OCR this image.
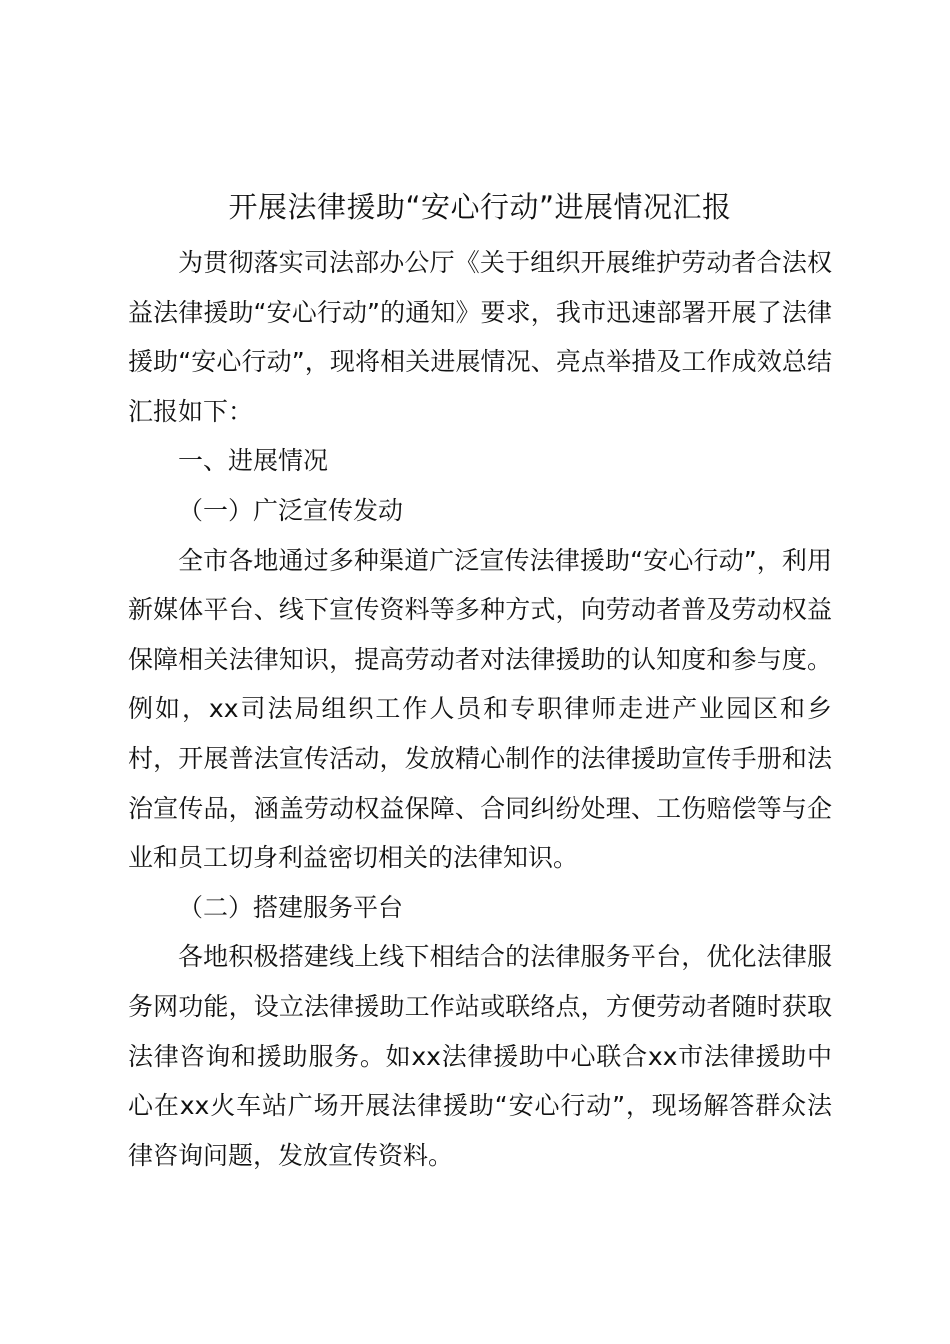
开展法律援助“安心行动”进展情况汇报

为贯彻落实司法部办公厅《关于组织开展维护劳动者合法权益法律援助“安心行动”的通知》要求，我市迅速部署开展了法律援助“安心行动”，现将相关进展情况、亮点举措及工作成效总结汇报如下：

一、进展情况

（一）广泛宣传发动

全市各地通过多种渠道广泛宣传法律援助“安心行动”，利用新媒体平台、线下宣传资料等多种方式，向劳动者普及劳动权益保障相关法律知识，提高劳动者对法律援助的认知度和参与度。例如，xx司法局组织工作人员和专职律师走进产业园区和乡村，开展普法宣传活动，发放精心制作的法律援助宣传手册和法治宣传品，涵盖劳动权益保障、合同纠纷处理、工伤赔偿等与企业和员工切身利益密切相关的法律知识。

（二）搭建服务平台

各地积极搭建线上线下相结合的法律服务平台，优化法律服务网功能，设立法律援助工作站或联络点，方便劳动者随时获取法律咨询和援助服务。如xx法律援助中心联合xx市法律援助中心在xx火车站广场开展法律援助“安心行动”，现场解答群众法律咨询问题，发放宣传资料。
